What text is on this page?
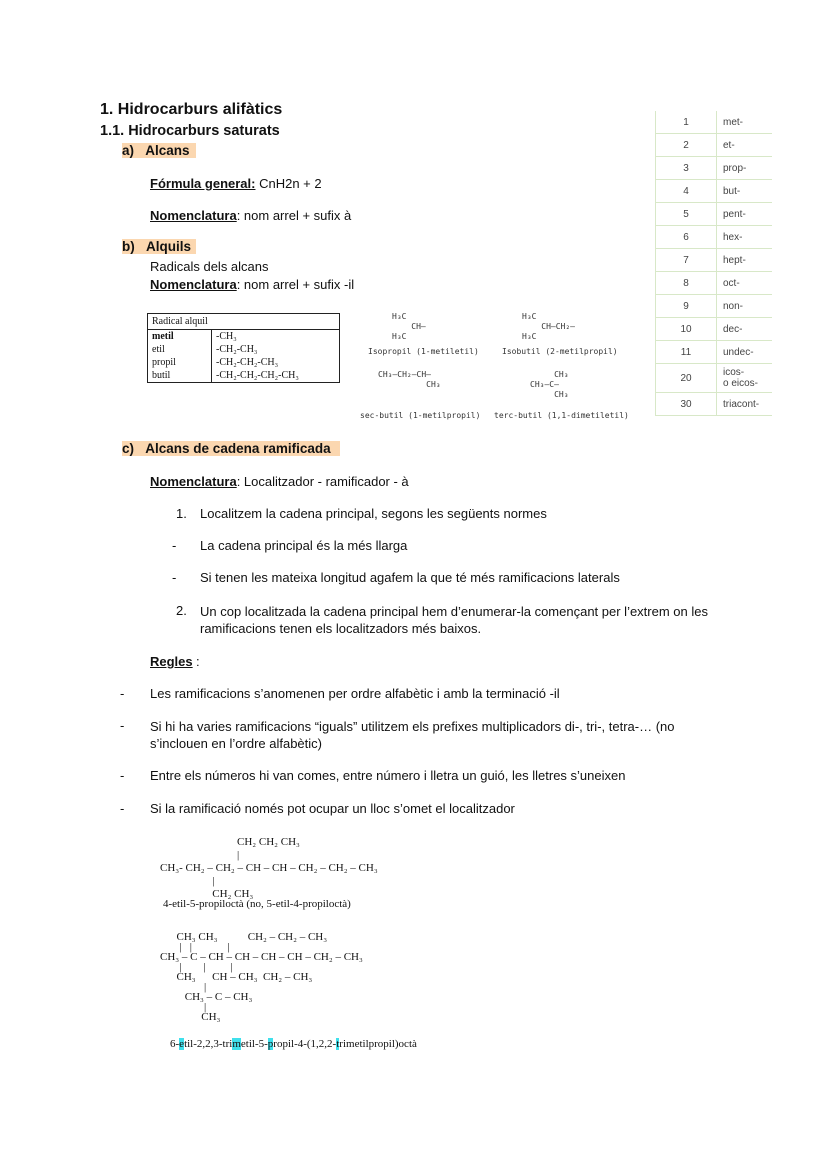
1. Hidrocarburs alifàtics
1.1. Hidrocarburs saturats
a) Alcans
Fórmula general: CnH2n + 2
Nomenclatura: nom arrel + sufix à
b) Alquils
Radicals dels alcans
Nomenclatura: nom arrel + sufix -il
Radical alquil	
metil	-CH₃
etil	-CH₂-CH₃
propil	-CH₂-CH₂-CH₃
butil	-CH₂-CH₂-CH₂-CH₃
H₃C
CH–
H₃C
Isopropil (1-metiletil)
H₃C
CH–CH₂–
H₃C
Isobutil (2-metilpropil)
CH₃–CH₂–CH–
CH₃
sec-butil (1-metilpropil)
CH₃
CH₃–C–
CH₃
terc-butil (1,1-dimetiletil)
1	met-
2	et-
3	prop-
4	but-
5	pent-
6	hex-
7	hept-
8	oct-
9	non-
10	dec-
11	undec-
20	icos-
o eicos-
30	triacont-
c) Alcans de cadena ramificada
Nomenclatura: Localitzador - ramificador - à
1. Localitzem la cadena principal, segons les següents normes
- La cadena principal és la més llarga
- Si tenen les mateixa longitud agafem la que té més ramificacions laterals
2. Un cop localitzada la cadena principal hem d’enumerar-la començant per l’extrem on les ramificacions tenen els localitzadors més baixos.
Regles :
- Les ramificacions s’anomenen per ordre alfabètic i amb la terminació -il
- Si hi ha varies ramificacions “iguals” utilitzem els prefixes multiplicadors di-, tri-, tetra-… (no s’inclouen en l’ordre alfabètic)
- Entre els números hi van comes, entre número i lletra un guió, les lletres s’uneixen
- Si la ramificació només pot ocupar un lloc s’omet el localitzador
CH₂ CH₂ CH₃
|
CH₃- CH₂ – CH₂ – CH – CH – CH₂ – CH₂ – CH₃
|
CH₂ CH₃
4-etil-5-propiloctà (no, 5-etil-4-propiloctà)
CH₃ CH₃           CH₂ – CH₂ – CH₃
|   |             |
CH₃ – C – CH – CH – CH – CH – CH₂ – CH₃
|        |         |
CH₃      CH – CH₃  CH₂ – CH₃
|
CH₃ – C – CH₃
|
CH₃
6-etil-2,2,3-trimetil-5-propil-4-(1,2,2-trimetilpropil)octà
